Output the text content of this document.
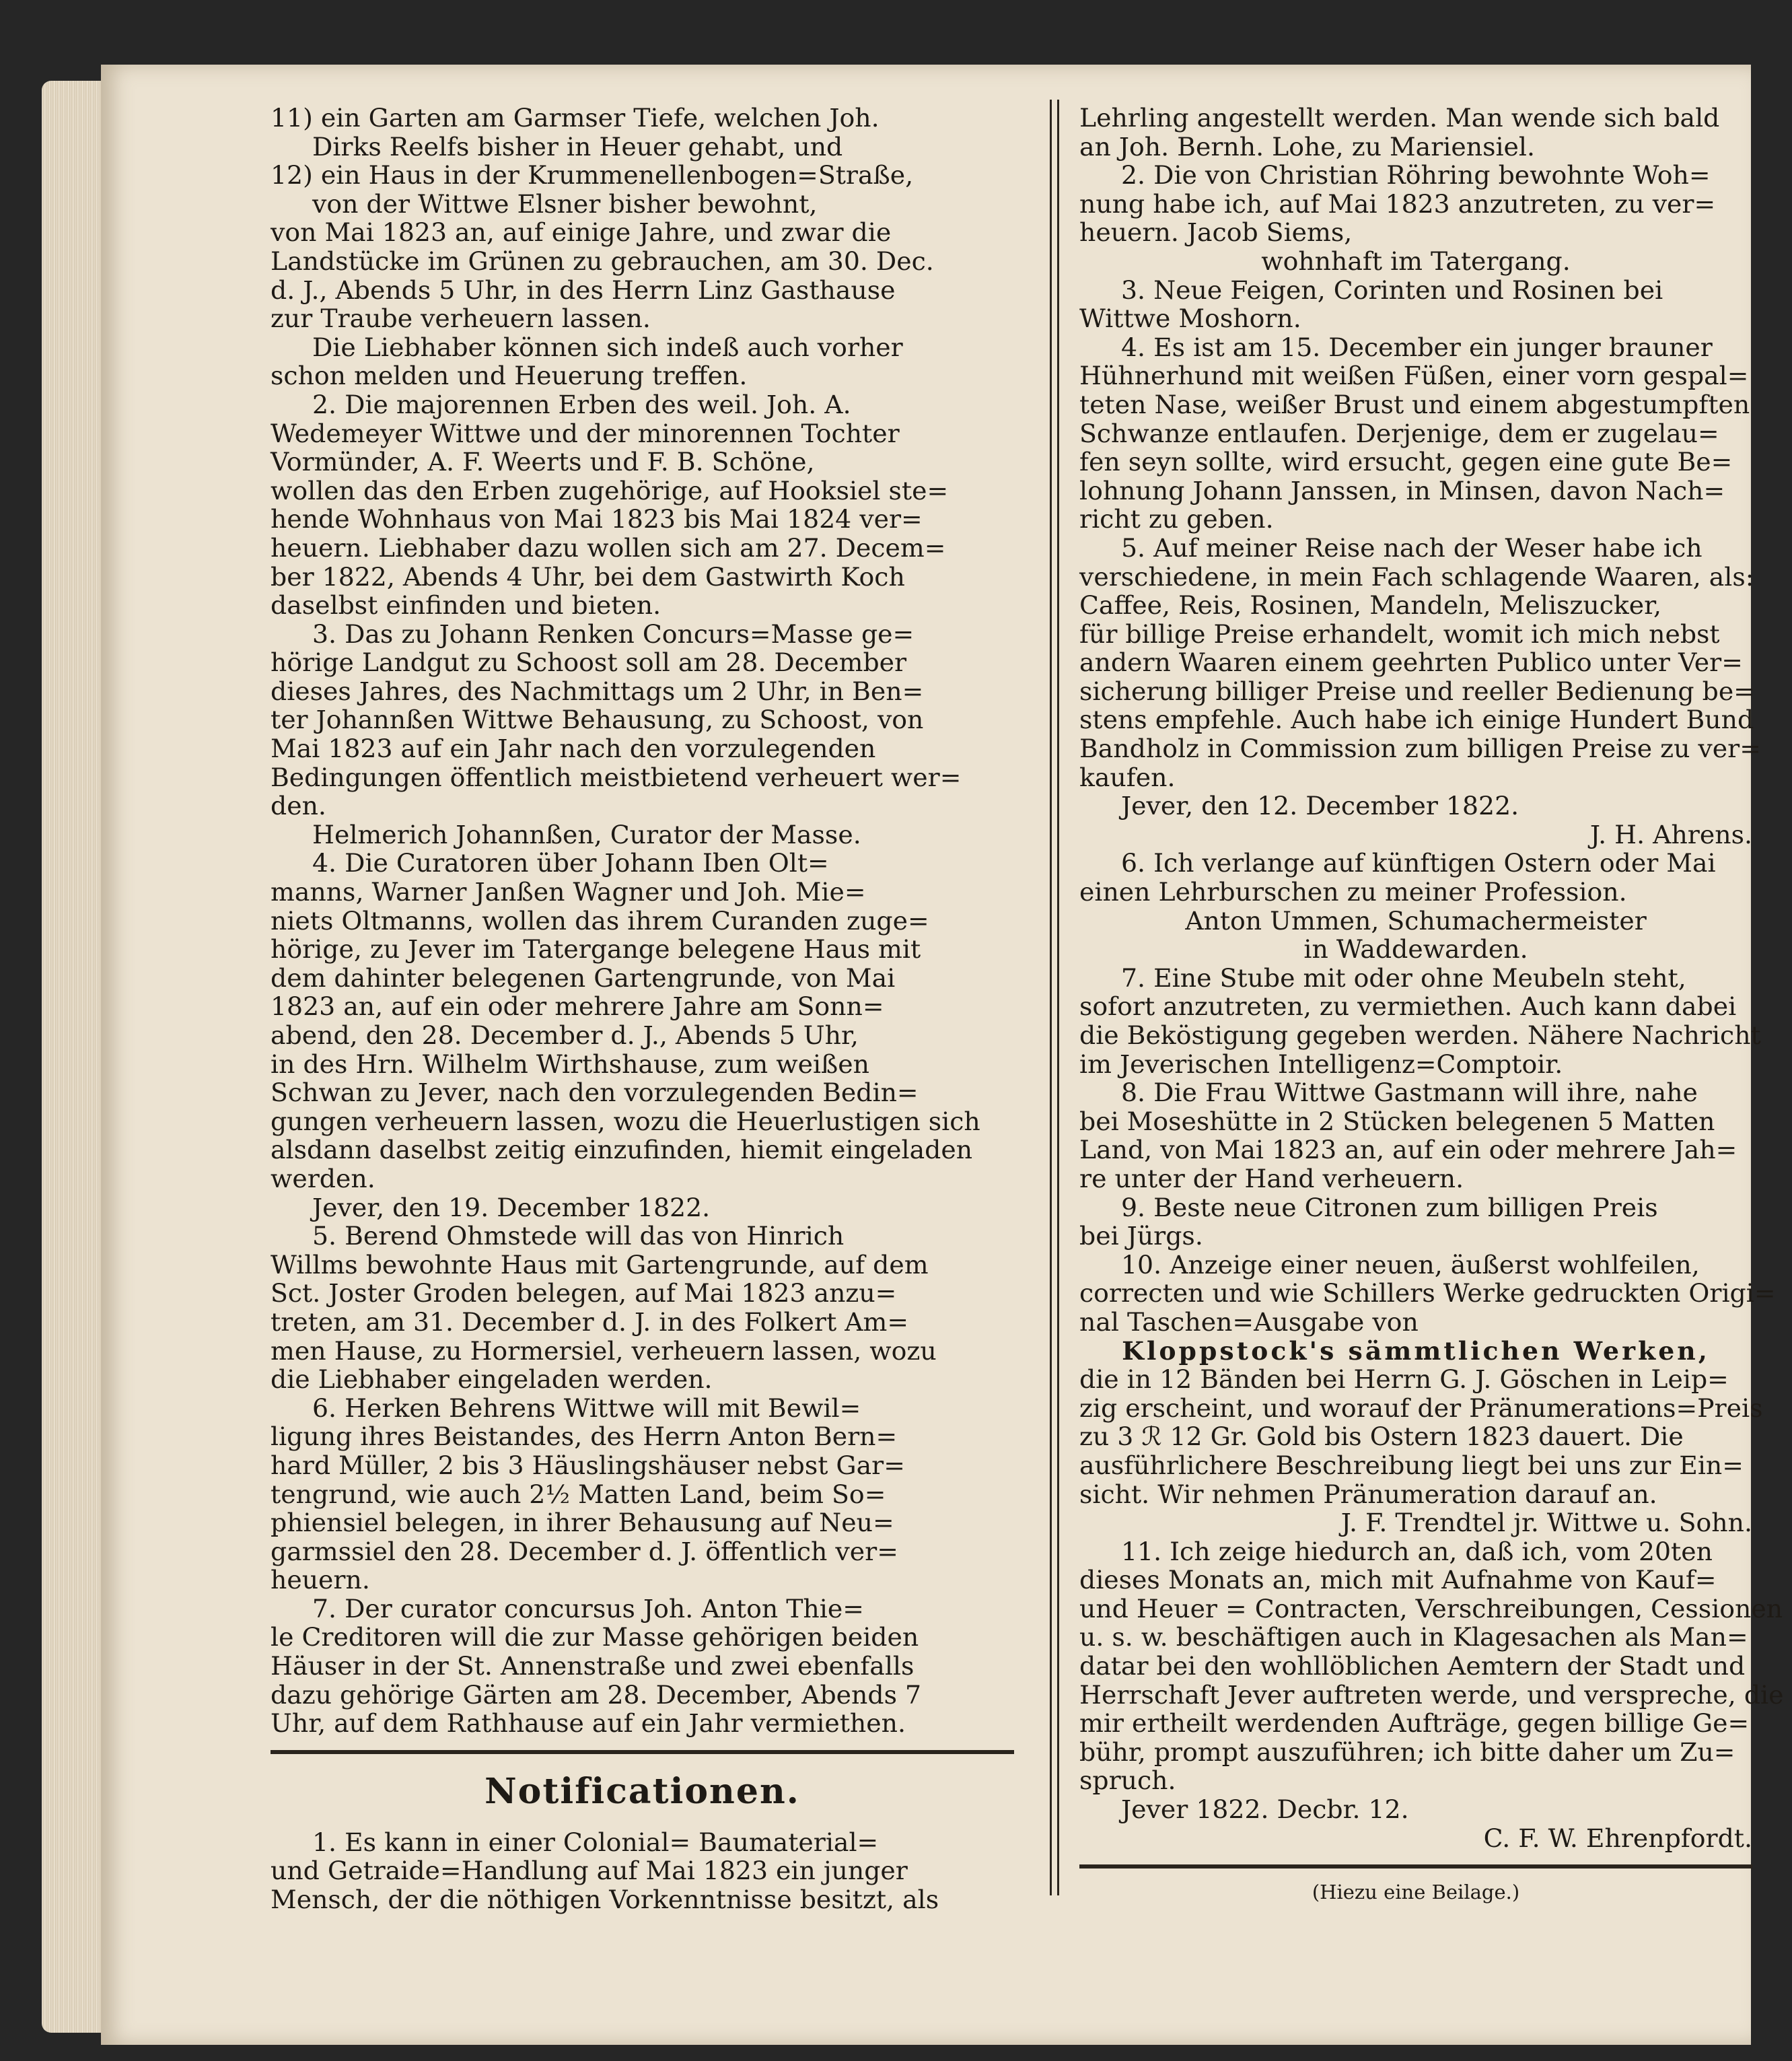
11) ein Garten am Garmser Tiefe, welchen Joh.
Dirks Reelfs bisher in Heuer gehabt, und
12) ein Haus in der Krummenellenbogen=Straße,
von der Wittwe Elsner bisher bewohnt,
von Mai 1823 an, auf einige Jahre, und zwar die
Landstücke im Grünen zu gebrauchen, am 30. Dec.
d. J., Abends 5 Uhr, in des Herrn Linz Gasthause
zur Traube verheuern lassen.
Die Liebhaber können sich indeß auch vorher
schon melden und Heuerung treffen.
2. Die majorennen Erben des weil. Joh. A.
Wedemeyer Wittwe und der minorennen Tochter
Vormünder, A. F. Weerts und F. B. Schöne,
wollen das den Erben zugehörige, auf Hooksiel ste=
hende Wohnhaus von Mai 1823 bis Mai 1824 ver=
heuern. Liebhaber dazu wollen sich am 27. Decem=
ber 1822, Abends 4 Uhr, bei dem Gastwirth Koch
daselbst einfinden und bieten.
3. Das zu Johann Renken Concurs=Masse ge=
hörige Landgut zu Schoost soll am 28. December
dieses Jahres, des Nachmittags um 2 Uhr, in Ben=
ter Johannßen Wittwe Behausung, zu Schoost, von
Mai 1823 auf ein Jahr nach den vorzulegenden
Bedingungen öffentlich meistbietend verheuert wer=
den.
Helmerich Johannßen, Curator der Masse.
4. Die Curatoren über Johann Iben Olt=
manns, Warner Janßen Wagner und Joh. Mie=
niets Oltmanns, wollen das ihrem Curanden zuge=
hörige, zu Jever im Tatergange belegene Haus mit
dem dahinter belegenen Gartengrunde, von Mai
1823 an, auf ein oder mehrere Jahre am Sonn=
abend, den 28. December d. J., Abends 5 Uhr,
in des Hrn. Wilhelm Wirthshause, zum weißen
Schwan zu Jever, nach den vorzulegenden Bedin=
gungen verheuern lassen, wozu die Heuerlustigen sich
alsdann daselbst zeitig einzufinden, hiemit eingeladen
werden.
Jever, den 19. December 1822.
5. Berend Ohmstede will das von Hinrich
Willms bewohnte Haus mit Gartengrunde, auf dem
Sct. Joster Groden belegen, auf Mai 1823 anzu=
treten, am 31. December d. J. in des Folkert Am=
men Hause, zu Hormersiel, verheuern lassen, wozu
die Liebhaber eingeladen werden.
6. Herken Behrens Wittwe will mit Bewil=
ligung ihres Beistandes, des Herrn Anton Bern=
hard Müller, 2 bis 3 Häuslingshäuser nebst Gar=
tengrund, wie auch 2½ Matten Land, beim So=
phiensiel belegen, in ihrer Behausung auf Neu=
garmssiel den 28. December d. J. öffentlich ver=
heuern.
7. Der curator concursus Joh. Anton Thie=
le Creditoren will die zur Masse gehörigen beiden
Häuser in der St. Annenstraße und zwei ebenfalls
dazu gehörige Gärten am 28. December, Abends 7
Uhr, auf dem Rathhause auf ein Jahr vermiethen.
Notificationen.
1. Es kann in einer Colonial= Baumaterial=
und Getraide=Handlung auf Mai 1823 ein junger
Mensch, der die nöthigen Vorkenntnisse besitzt, als
Lehrling angestellt werden. Man wende sich bald
an Joh. Bernh. Lohe, zu Mariensiel.
2. Die von Christian Röhring bewohnte Woh=
nung habe ich, auf Mai 1823 anzutreten, zu ver=
heuern. Jacob Siems,
wohnhaft im Tatergang.
3. Neue Feigen, Corinten und Rosinen bei
Wittwe Moshorn.
4. Es ist am 15. December ein junger brauner
Hühnerhund mit weißen Füßen, einer vorn gespal=
teten Nase, weißer Brust und einem abgestumpften
Schwanze entlaufen. Derjenige, dem er zugelau=
fen seyn sollte, wird ersucht, gegen eine gute Be=
lohnung Johann Janssen, in Minsen, davon Nach=
richt zu geben.
5. Auf meiner Reise nach der Weser habe ich
verschiedene, in mein Fach schlagende Waaren, als:
Caffee, Reis, Rosinen, Mandeln, Meliszucker,
für billige Preise erhandelt, womit ich mich nebst
andern Waaren einem geehrten Publico unter Ver=
sicherung billiger Preise und reeller Bedienung be=
stens empfehle. Auch habe ich einige Hundert Bund
Bandholz in Commission zum billigen Preise zu ver=
kaufen.
Jever, den 12. December 1822.
J. H. Ahrens.
6. Ich verlange auf künftigen Ostern oder Mai
einen Lehrburschen zu meiner Profession.
Anton Ummen, Schumachermeister
in Waddewarden.
7. Eine Stube mit oder ohne Meubeln steht,
sofort anzutreten, zu vermiethen. Auch kann dabei
die Beköstigung gegeben werden. Nähere Nachricht
im Jeverischen Intelligenz=Comptoir.
8. Die Frau Wittwe Gastmann will ihre, nahe
bei Moseshütte in 2 Stücken belegenen 5 Matten
Land, von Mai 1823 an, auf ein oder mehrere Jah=
re unter der Hand verheuern.
9. Beste neue Citronen zum billigen Preis
bei Jürgs.
10. Anzeige einer neuen, äußerst wohlfeilen,
correcten und wie Schillers Werke gedruckten Origi=
nal Taschen=Ausgabe von
Kloppstock's sämmtlichen Werken,
die in 12 Bänden bei Herrn G. J. Göschen in Leip=
zig erscheint, und worauf der Pränumerations=Preis
zu 3 ℛ 12 Gr. Gold bis Ostern 1823 dauert. Die
ausführlichere Beschreibung liegt bei uns zur Ein=
sicht. Wir nehmen Pränumeration darauf an.
J. F. Trendtel jr. Wittwe u. Sohn.
11. Ich zeige hiedurch an, daß ich, vom 20ten
dieses Monats an, mich mit Aufnahme von Kauf=
und Heuer = Contracten, Verschreibungen, Cessionen
u. s. w. beschäftigen auch in Klagesachen als Man=
datar bei den wohllöblichen Aemtern der Stadt und
Herrschaft Jever auftreten werde, und verspreche, die
mir ertheilt werdenden Aufträge, gegen billige Ge=
bühr, prompt auszuführen; ich bitte daher um Zu=
spruch.
Jever 1822. Decbr. 12.
C. F. W. Ehrenpfordt.
(Hiezu eine Beilage.)
